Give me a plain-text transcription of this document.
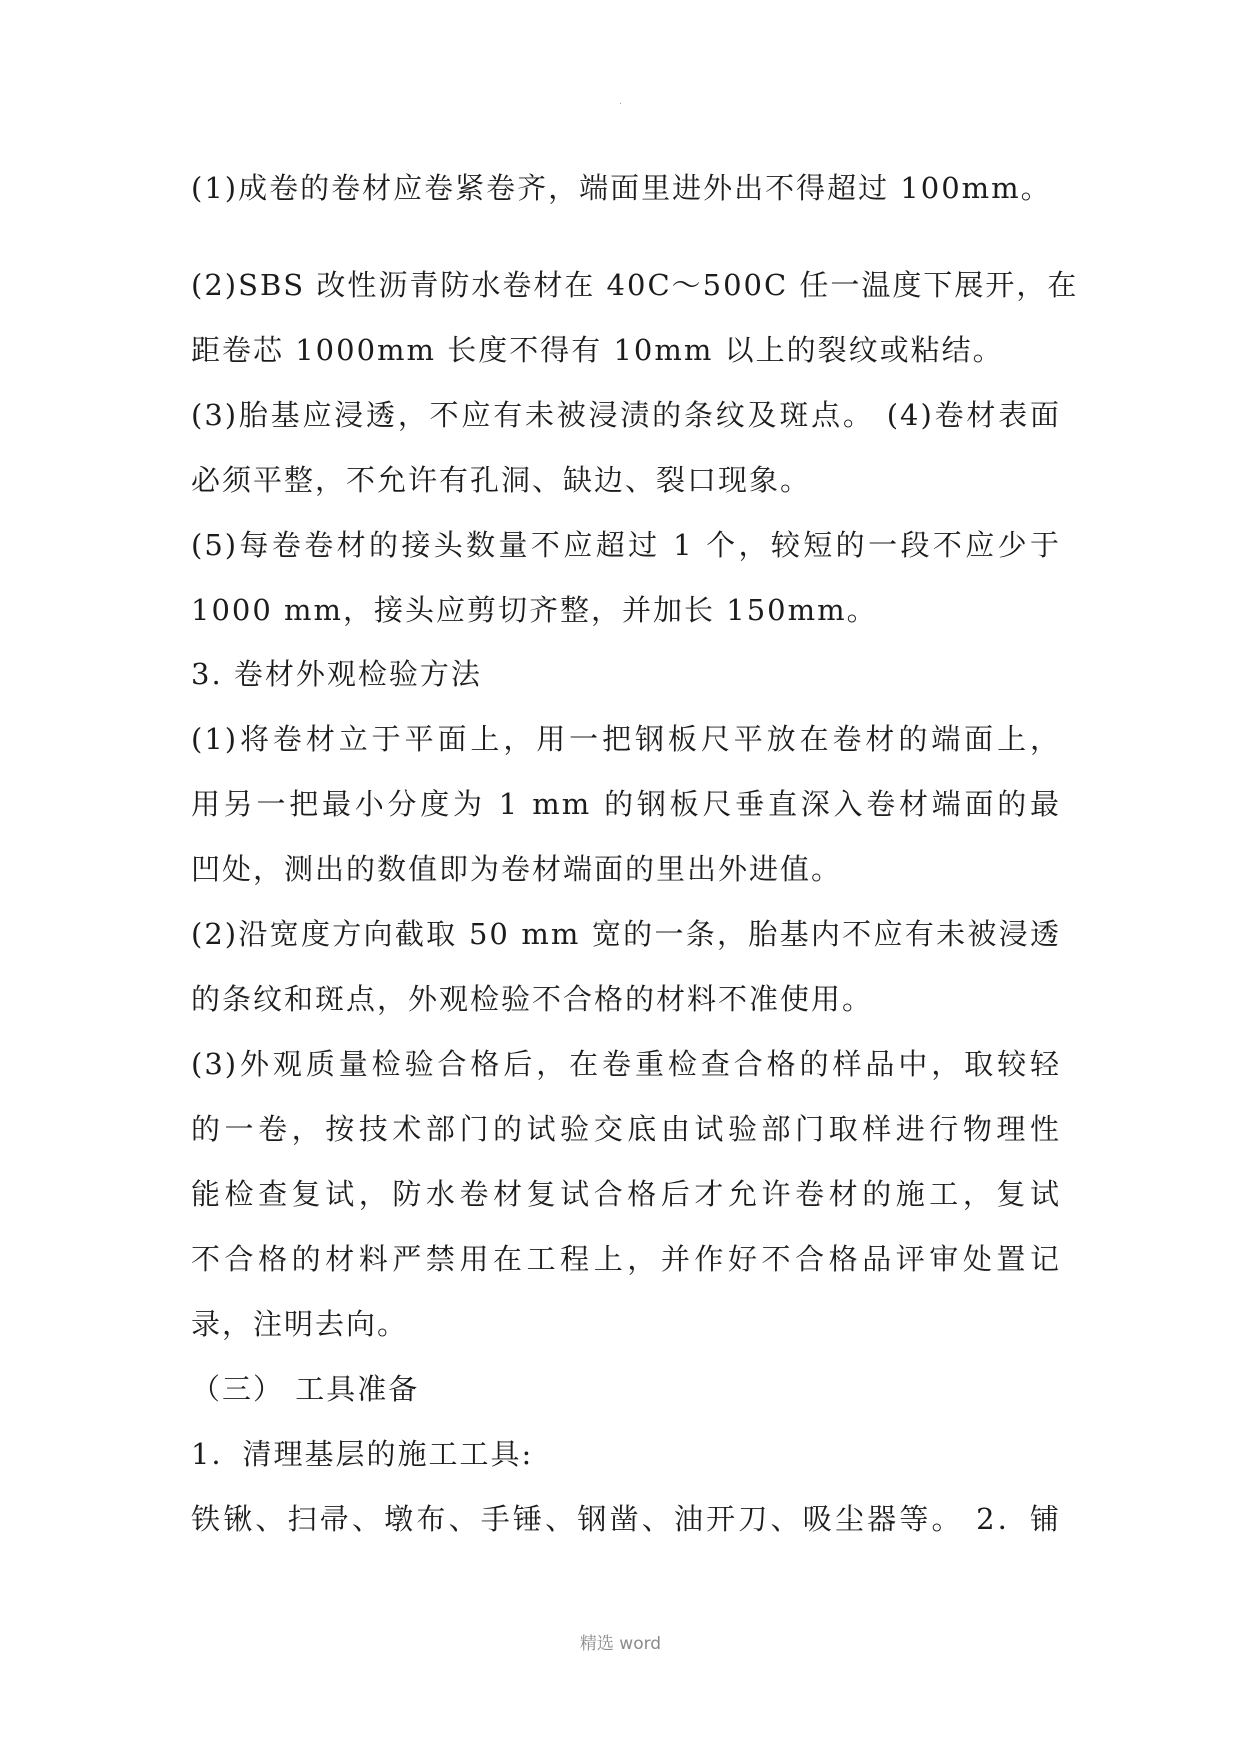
.
(1)成卷的卷材应卷紧卷齐，端面里进外出不得超过 100mm。
(2)SBS 改性沥青防水卷材在 40C～500C 任一温度下展开，在
距卷芯 1000mm 长度不得有 10mm 以上的裂纹或粘结。
(3)胎基应浸透，不应有未被浸渍的条纹及斑点。 (4)卷材表面
必须平整，不允许有孔洞、缺边、裂口现象。
(5)每卷卷材的接头数量不应超过 1 个，较短的一段不应少于
1000 mm，接头应剪切齐整，并加长 150mm。
3. 卷材外观检验方法
(1)将卷材立于平面上，用一把钢板尺平放在卷材的端面上，
用另一把最小分度为 1 mm 的钢板尺垂直深入卷材端面的最
凹处，测出的数值即为卷材端面的里出外进值。
(2)沿宽度方向截取 50 mm 宽的一条，胎基内不应有未被浸透
的条纹和斑点，外观检验不合格的材料不准使用。
(3)外观质量检验合格后，在卷重检查合格的样品中，取较轻
的一卷，按技术部门的试验交底由试验部门取样进行物理性
能检查复试，防水卷材复试合格后才允许卷材的施工，复试
不合格的材料严禁用在工程上，并作好不合格品评审处置记
录，注明去向。
（三） 工具准备
1．清理基层的施工工具:
铁锹、扫帚、墩布、手锤、钢凿、油开刀、吸尘器等。 2．铺
精选 word
